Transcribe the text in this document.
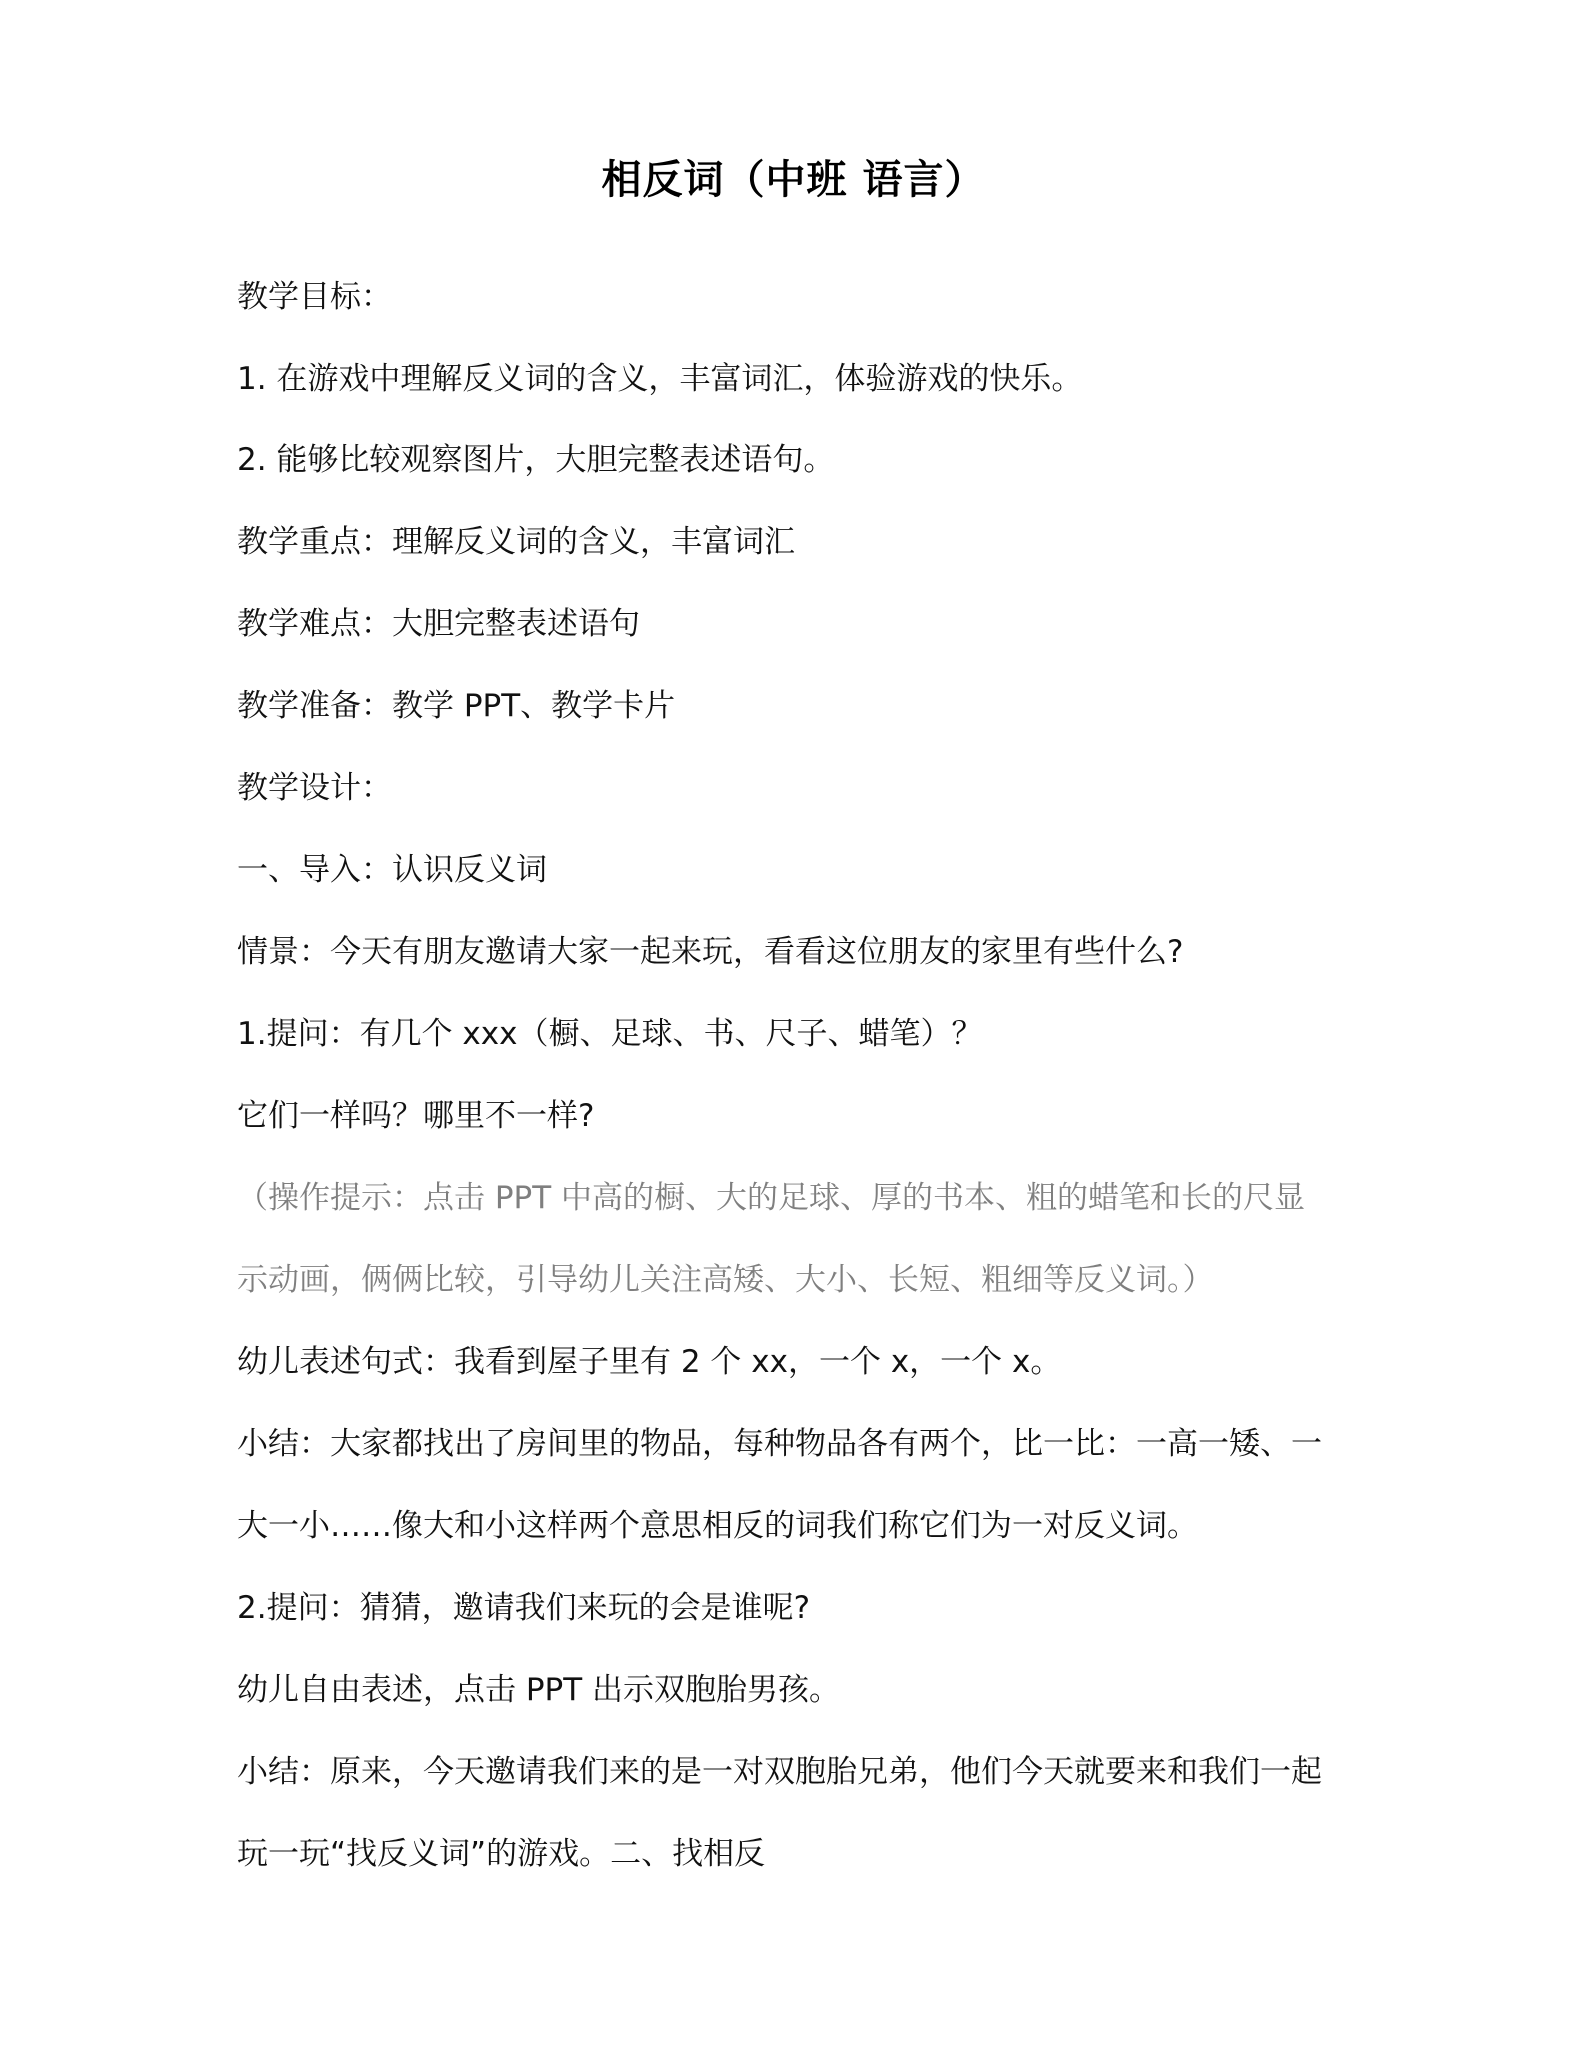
相反词（中班 语言）
教学目标：
1. 在游戏中理解反义词的含义，丰富词汇，体验游戏的快乐。
2. 能够比较观察图片，大胆完整表述语句。
教学重点：理解反义词的含义，丰富词汇
教学难点：大胆完整表述语句
教学准备：教学 PPT、教学卡片
教学设计：
一、导入：认识反义词
情景：今天有朋友邀请大家一起来玩，看看这位朋友的家里有些什么?
1.提问：有几个 xxx（橱、足球、书、尺子、蜡笔）？
它们一样吗？哪里不一样?
（操作提示：点击 PPT 中高的橱、大的足球、厚的书本、粗的蜡笔和长的尺显
示动画，俩俩比较，引导幼儿关注高矮、大小、长短、粗细等反义词。）
幼儿表述句式：我看到屋子里有 2 个 xx，一个 x，一个 x。
小结：大家都找出了房间里的物品，每种物品各有两个，比一比：一高一矮、一
大一小……像大和小这样两个意思相反的词我们称它们为一对反义词。
2.提问：猜猜，邀请我们来玩的会是谁呢?
幼儿自由表述，点击 PPT 出示双胞胎男孩。
小结：原来，今天邀请我们来的是一对双胞胎兄弟，他们今天就要来和我们一起
玩一玩“找反义词”的游戏。二、找相反
